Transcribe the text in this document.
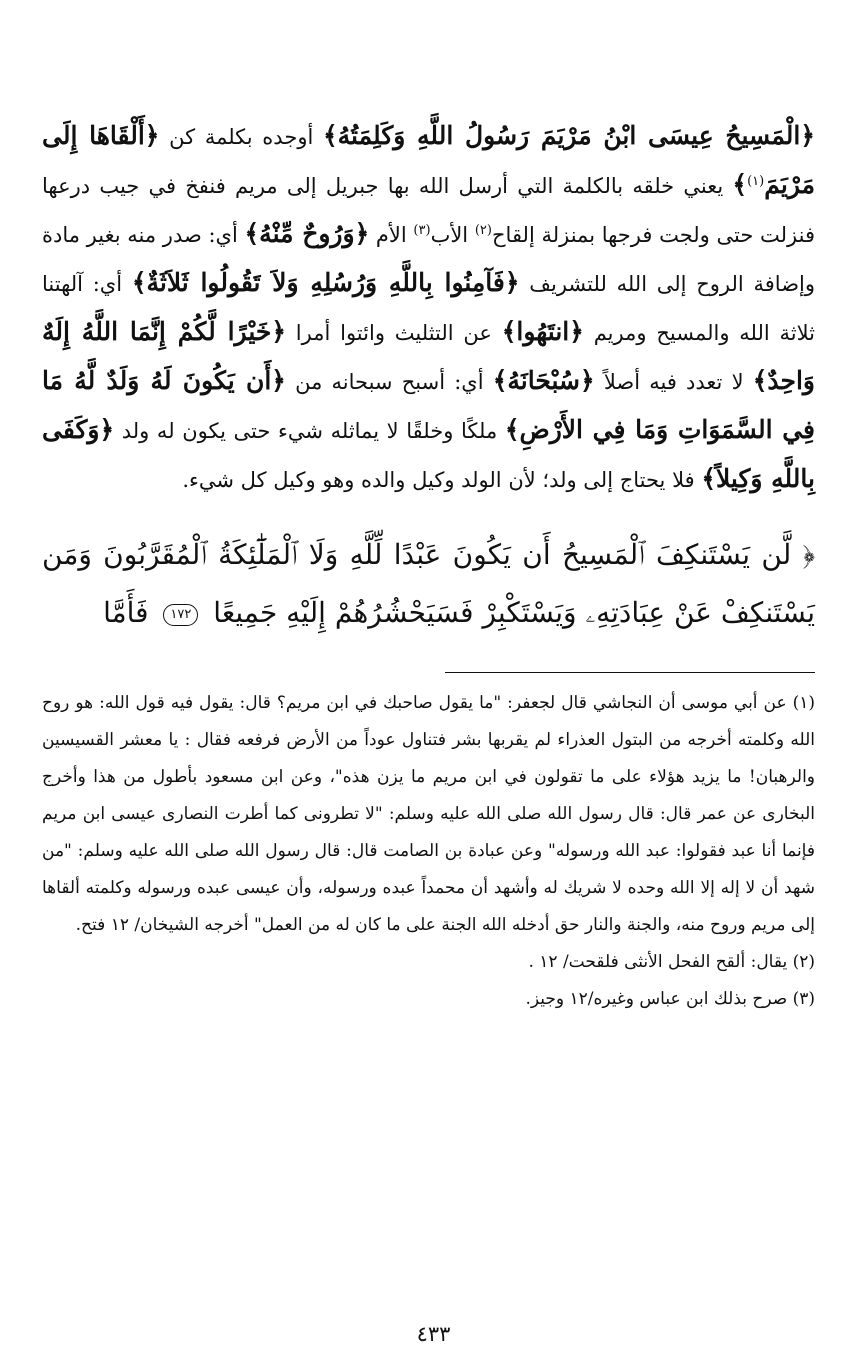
﴿الْمَسِيحُ عِيسَى ابْنُ مَرْيَمَ رَسُولُ اللَّهِ وَكَلِمَتُهُ﴾ أوجده بكلمة كن ﴿أَلْقَاهَا إِلَى مَرْيَمَ$^{(١)}$﴾ يعني خلقه بالكلمة التي أرسل الله بها جبريل إلى مريم فنفخ في جيب درعها فنزلت حتى ولجت فرجها بمنزلة إلقاح$^{(٢)}$ الأب$^{(٣)}$ الأم ﴿وَرُوحٌ مِّنْهُ﴾ أي: صدر منه بغير مادة وإضافة الروح إلى الله للتشريف ﴿فَآمِنُوا بِاللَّهِ وَرُسُلِهِ وَلاَ تَقُولُوا ثَلاَثَةٌ﴾ أي: آلهتنا ثلاثة الله والمسيح ومريم ﴿انتَهُوا﴾ عن التثليث وائتوا أمرا ﴿خَيْرًا لَّكُمْ إِنَّمَا اللَّهُ إِلَهٌ وَاحِدٌ﴾ لا تعدد فيه أصلاً ﴿سُبْحَانَهُ﴾ أي: أسبح سبحانه من ﴿أَن يَكُونَ لَهُ وَلَدٌ لَّهُ مَا فِي السَّمَوَاتِ وَمَا فِي الأَرْضِ﴾ ملكًا وخلقًا لا يماثله شيء حتى يكون له ولد ﴿وَكَفَى بِاللَّهِ وَكِيلاً﴾ فلا يحتاج إلى ولد؛ لأن الولد وكيل والده وهو وكيل كل شيء.

﴿ لَّن يَسْتَنكِفَ ٱلْمَسِيحُ أَن يَكُونَ عَبْدًا لِّلَّهِ وَلَا ٱلْمَلَٰٓئِكَةُ ٱلْمُقَرَّبُونَ وَمَن يَسْتَنكِفْ عَنْ عِبَادَتِهِۦ وَيَسْتَكْبِرْ فَسَيَحْشُرُهُمْ إِلَيْهِ جَمِيعًا ١٧٢ فَأَمَّا

(١) عن أبي موسى أن النجاشي قال لجعفر: "ما يقول صاحبك في ابن مريم؟ قال: يقول فيه قول الله: هو روح الله وكلمته أخرجه من البتول العذراء لم يقربها بشر فتناول عوداً من الأرض فرفعه فقال : يا معشر القسيسين والرهبان! ما يزيد هؤلاء على ما تقولون في ابن مريم ما يزن هذه"، وعن ابن مسعود بأطول من هذا وأخرج البخارى عن عمر قال: قال رسول الله صلى الله عليه وسلم: "لا تطرونى كما أطرت النصارى عيسى ابن مريم فإنما أنا عبد فقولوا: عبد الله ورسوله" وعن عبادة بن الصامت قال: قال رسول الله صلى الله عليه وسلم: "من شهد أن لا إله إلا الله وحده لا شريك له وأشهد أن محمداً عبده ورسوله، وأن عيسى عبده ورسوله وكلمته ألقاها إلى مريم وروح منه، والجنة والنار حق أدخله الله الجنة على ما كان له من العمل" أخرجه الشيخان/ ١٢ فتح.

(٢) يقال: ألقح الفحل الأنثى فلقحت/ ١٢ .

(٣) صرح بذلك ابن عباس وغيره/١٢ وجيز.

٤٣٣
